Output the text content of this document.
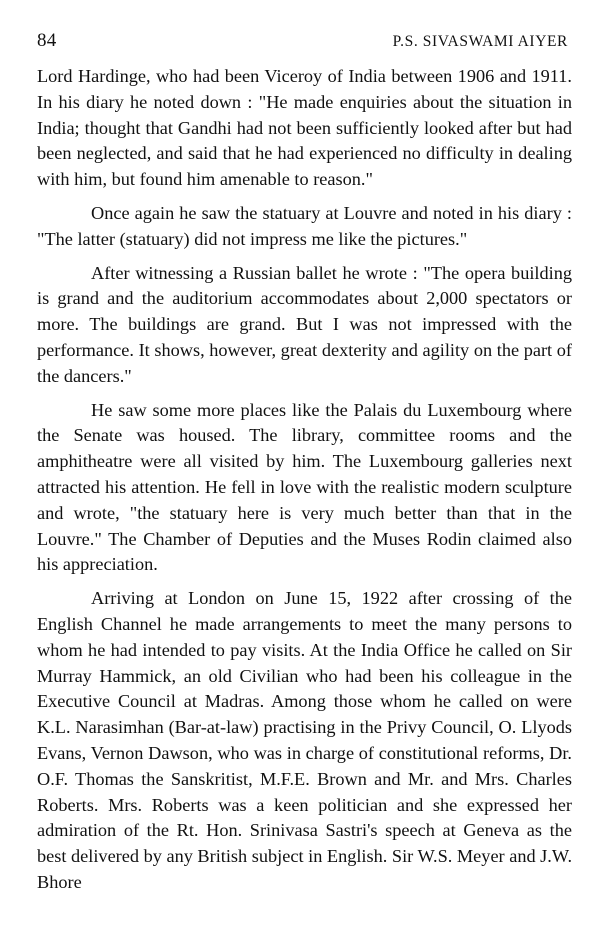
84	P.S. SIVASWAMI AIYER

Lord Hardinge, who had been Viceroy of India between 1906 and 1911. In his diary he noted down : "He made enquiries about the situation in India; thought that Gandhi had not been sufficiently looked after but had been neglected, and said that he had experienced no difficulty in dealing with him, but found him amenable to reason."

Once again he saw the statuary at Louvre and noted in his diary : "The latter (statuary) did not impress me like the pictures."

After witnessing a Russian ballet he wrote : "The opera building is grand and the auditorium accommodates about 2,000 spectators or more. The buildings are grand. But I was not impressed with the performance. It shows, however, great dexterity and agility on the part of the dancers."

He saw some more places like the Palais du Luxembourg where the Senate was housed. The library, committee rooms and the amphitheatre were all visited by him. The Luxembourg galleries next attracted his attention. He fell in love with the realistic modern sculpture and wrote, "the statuary here is very much better than that in the Louvre." The Chamber of Deputies and the Muses Rodin claimed also his appreciation.

Arriving at London on June 15, 1922 after crossing of the English Channel he made arrangements to meet the many persons to whom he had intended to pay visits. At the India Office he called on Sir Murray Hammick, an old Civilian who had been his colleague in the Executive Council at Madras. Among those whom he called on were K.L. Narasimhan (Bar-at-law) practising in the Privy Council, O. Llyods Evans, Vernon Dawson, who was in charge of constitutional reforms, Dr. O.F. Thomas the Sanskritist, M.F.E. Brown and Mr. and Mrs. Charles Roberts. Mrs. Roberts was a keen politician and she expressed her admiration of the Rt. Hon. Srinivasa Sastri's speech at Geneva as the best delivered by any British subject in English. Sir W.S. Meyer and J.W. Bhore
